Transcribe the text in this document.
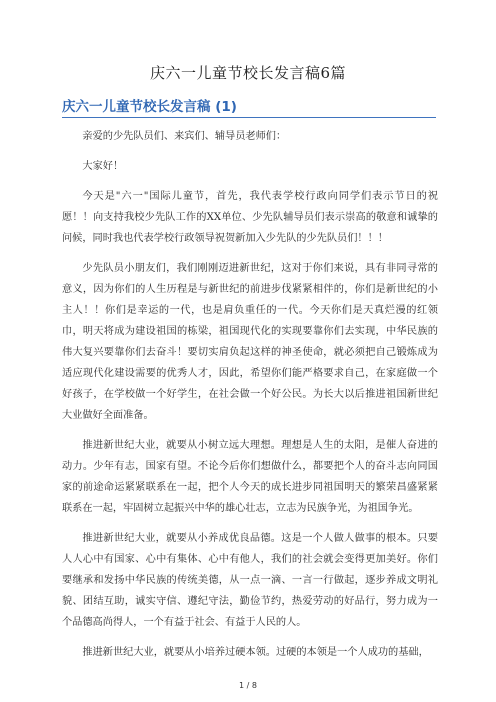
庆六一儿童节校长发言稿6篇
庆六一儿童节校长发言稿 (1)

亲爱的少先队员们、来宾们、辅导员老师们：

大家好！

今天是"六一"国际儿童节，首先，我代表学校行政向同学们表示节日的祝愿！！向支持我校少先队工作的XX单位、少先队辅导员们表示崇高的敬意和诚挚的问候，同时我也代表学校行政领导祝贺新加入少先队的少先队员们！！！

少先队员小朋友们，我们刚刚迈进新世纪，这对于你们来说，具有非同寻常的意义，因为你们的人生历程是与新世纪的前进步伐紧紧相伴的，你们是新世纪的小主人！！你们是幸运的一代，也是肩负重任的一代。今天你们是天真烂漫的红领巾，明天将成为建设祖国的栋梁，祖国现代化的实现要靠你们去实现，中华民族的伟大复兴要靠你们去奋斗！要切实肩负起这样的神圣使命，就必须把自己锻炼成为适应现代化建设需要的优秀人才，因此，希望你们能严格要求自己，在家庭做一个好孩子，在学校做一个好学生，在社会做一个好公民。为长大以后推进祖国新世纪大业做好全面准备。

推进新世纪大业，就要从小树立远大理想。理想是人生的太阳，是催人奋进的动力。少年有志，国家有望。不论今后你们想做什么，都要把个人的奋斗志向同国家的前途命运紧紧联系在一起，把个人今天的成长进步同祖国明天的繁荣昌盛紧紧联系在一起，牢固树立起振兴中华的雄心壮志，立志为民族争光，为祖国争光。

推进新世纪大业，就要从小养成优良品德。这是一个人做人做事的根本。只要人人心中有国家、心中有集体、心中有他人，我们的社会就会变得更加美好。你们要继承和发扬中华民族的传统美德，从一点一滴、一言一行做起，逐步养成文明礼貌、团结互助，诚实守信、遵纪守法，勤俭节约，热爱劳动的好品行，努力成为一个品德高尚得人，一个有益于社会、有益于人民的人。

推进新世纪大业，就要从小培养过硬本领。过硬的本领是一个人成功的基础，

1 / 8
